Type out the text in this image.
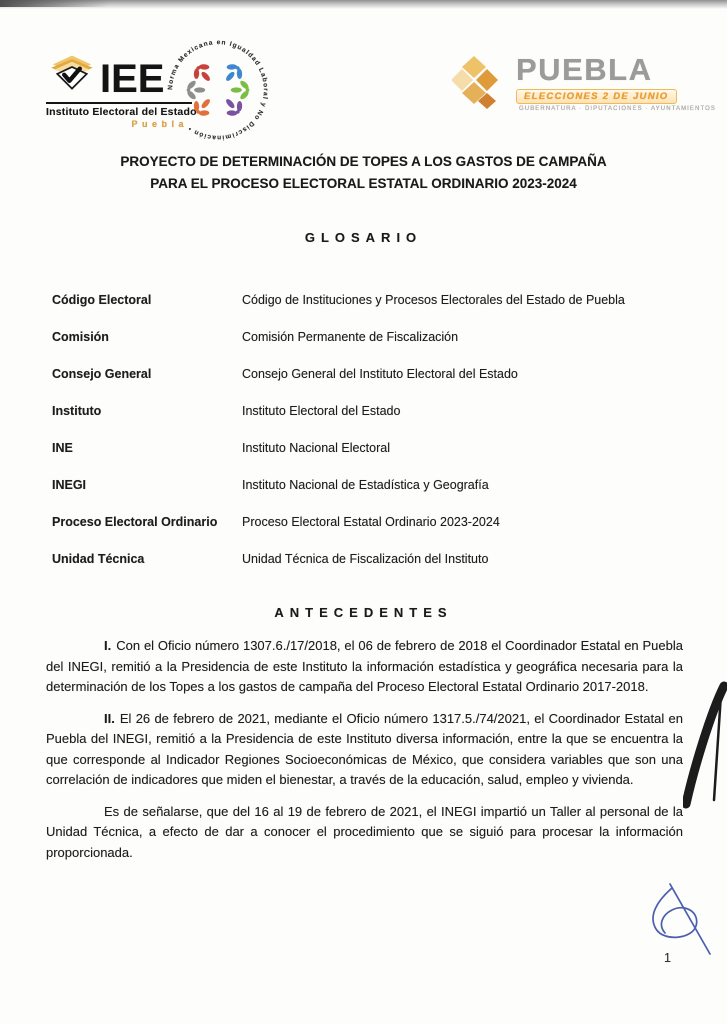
IEE
Instituto Electoral del Estado
Puebla
Norma Mexicana en Igualdad Laboral y No Discriminación •
PUEBLA
ELECCIONES 2 DE JUNIO
GUBERNATURA · DIPUTACIONES · AYUNTAMIENTOS
PROYECTO DE DETERMINACIÓN DE TOPES A LOS GASTOS DE CAMPAÑA
PARA EL PROCESO ELECTORAL ESTATAL ORDINARIO 2023-2024
GLOSARIO
Código Electoral	Código de Instituciones y Procesos Electorales del Estado de Puebla
Comisión	Comisión Permanente de Fiscalización
Consejo General	Consejo General del Instituto Electoral del Estado
Instituto	Instituto Electoral del Estado
INE	Instituto Nacional Electoral
INEGI	Instituto Nacional de Estadística y Geografía
Proceso Electoral Ordinario	Proceso Electoral Estatal Ordinario 2023-2024
Unidad Técnica	Unidad Técnica de Fiscalización del Instituto
ANTECEDENTES

I. Con el Oficio número 1307.6./17/2018, el 06 de febrero de 2018 el Coordinador Estatal en Puebla del INEGI, remitió a la Presidencia de este Instituto la información estadística y geográfica necesaria para la determinación de los Topes a los gastos de campaña del Proceso Electoral Estatal Ordinario 2017-2018.

II. El 26 de febrero de 2021, mediante el Oficio número 1317.5./74/2021, el Coordinador Estatal en Puebla del INEGI, remitió a la Presidencia de este Instituto diversa información, entre la que se encuentra la que corresponde al Indicador Regiones Socioeconómicas de México, que considera variables que son una correlación de indicadores que miden el bienestar, a través de la educación, salud, empleo y vivienda.

Es de señalarse, que del 16 al 19 de febrero de 2021, el INEGI impartió un Taller al personal de la Unidad Técnica, a efecto de dar a conocer el procedimiento que se siguió para procesar la información proporcionada.

1
